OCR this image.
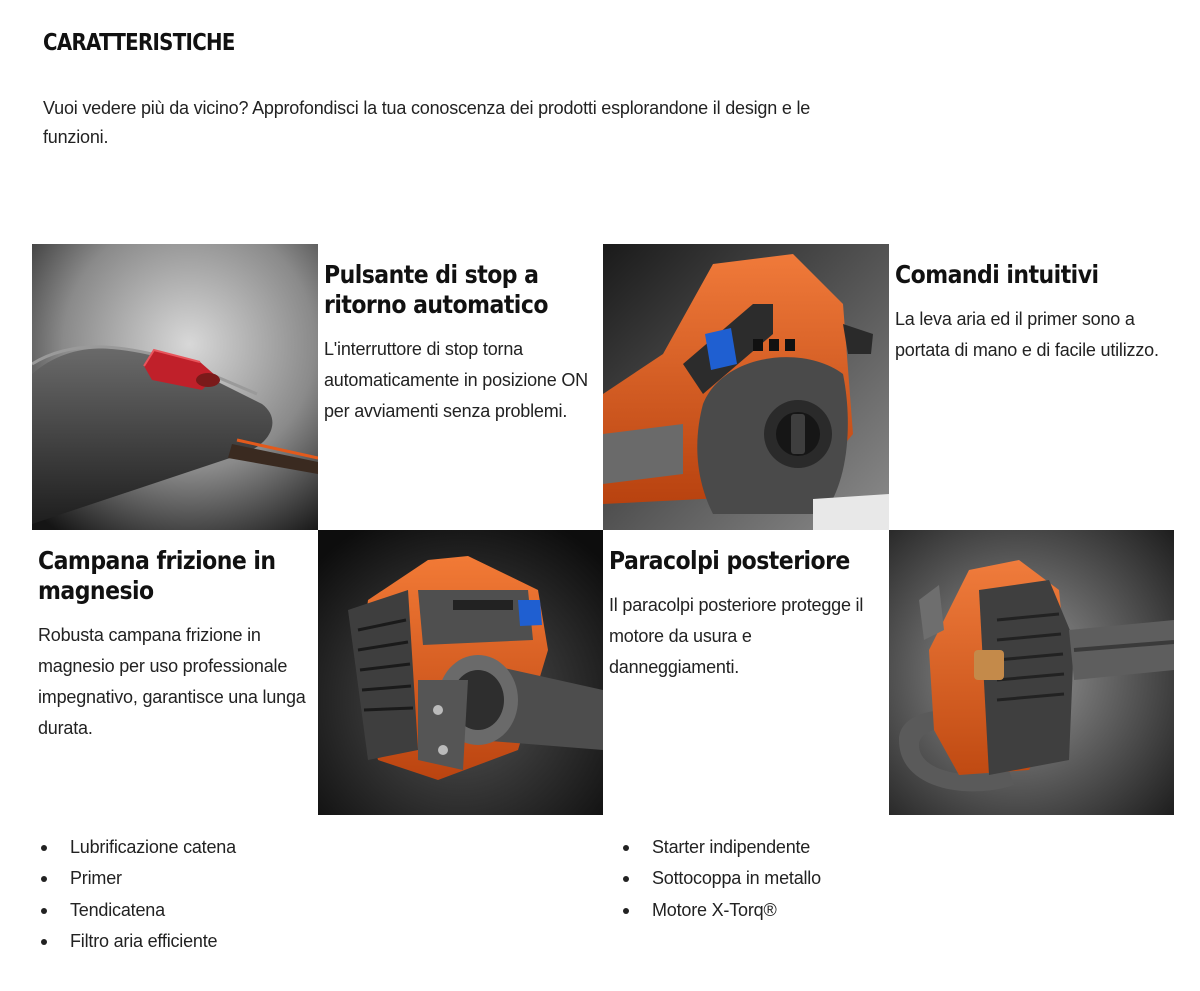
CARATTERISTICHE

Vuoi vedere più da vicino? Approfondisci la tua conoscenza dei prodotti esplorandone il design e le funzioni.

Pulsante di stop a ritorno automatico

L'interruttore di stop torna automaticamente in posizione ON per avviamenti senza problemi.

Comandi intuitivi

La leva aria ed il primer sono a portata di mano e di facile utilizzo.

Campana frizione in magnesio

Robusta campana frizione in magnesio per uso professionale impegnativo, garantisce una lunga durata.

Paracolpi posteriore

Il paracolpi posteriore protegge il motore da usura e danneggiamenti.

Lubrificazione catena
Primer
Tendicatena
Filtro aria efficiente
Starter indipendente
Sottocoppa in metallo
Motore X-Torq®
